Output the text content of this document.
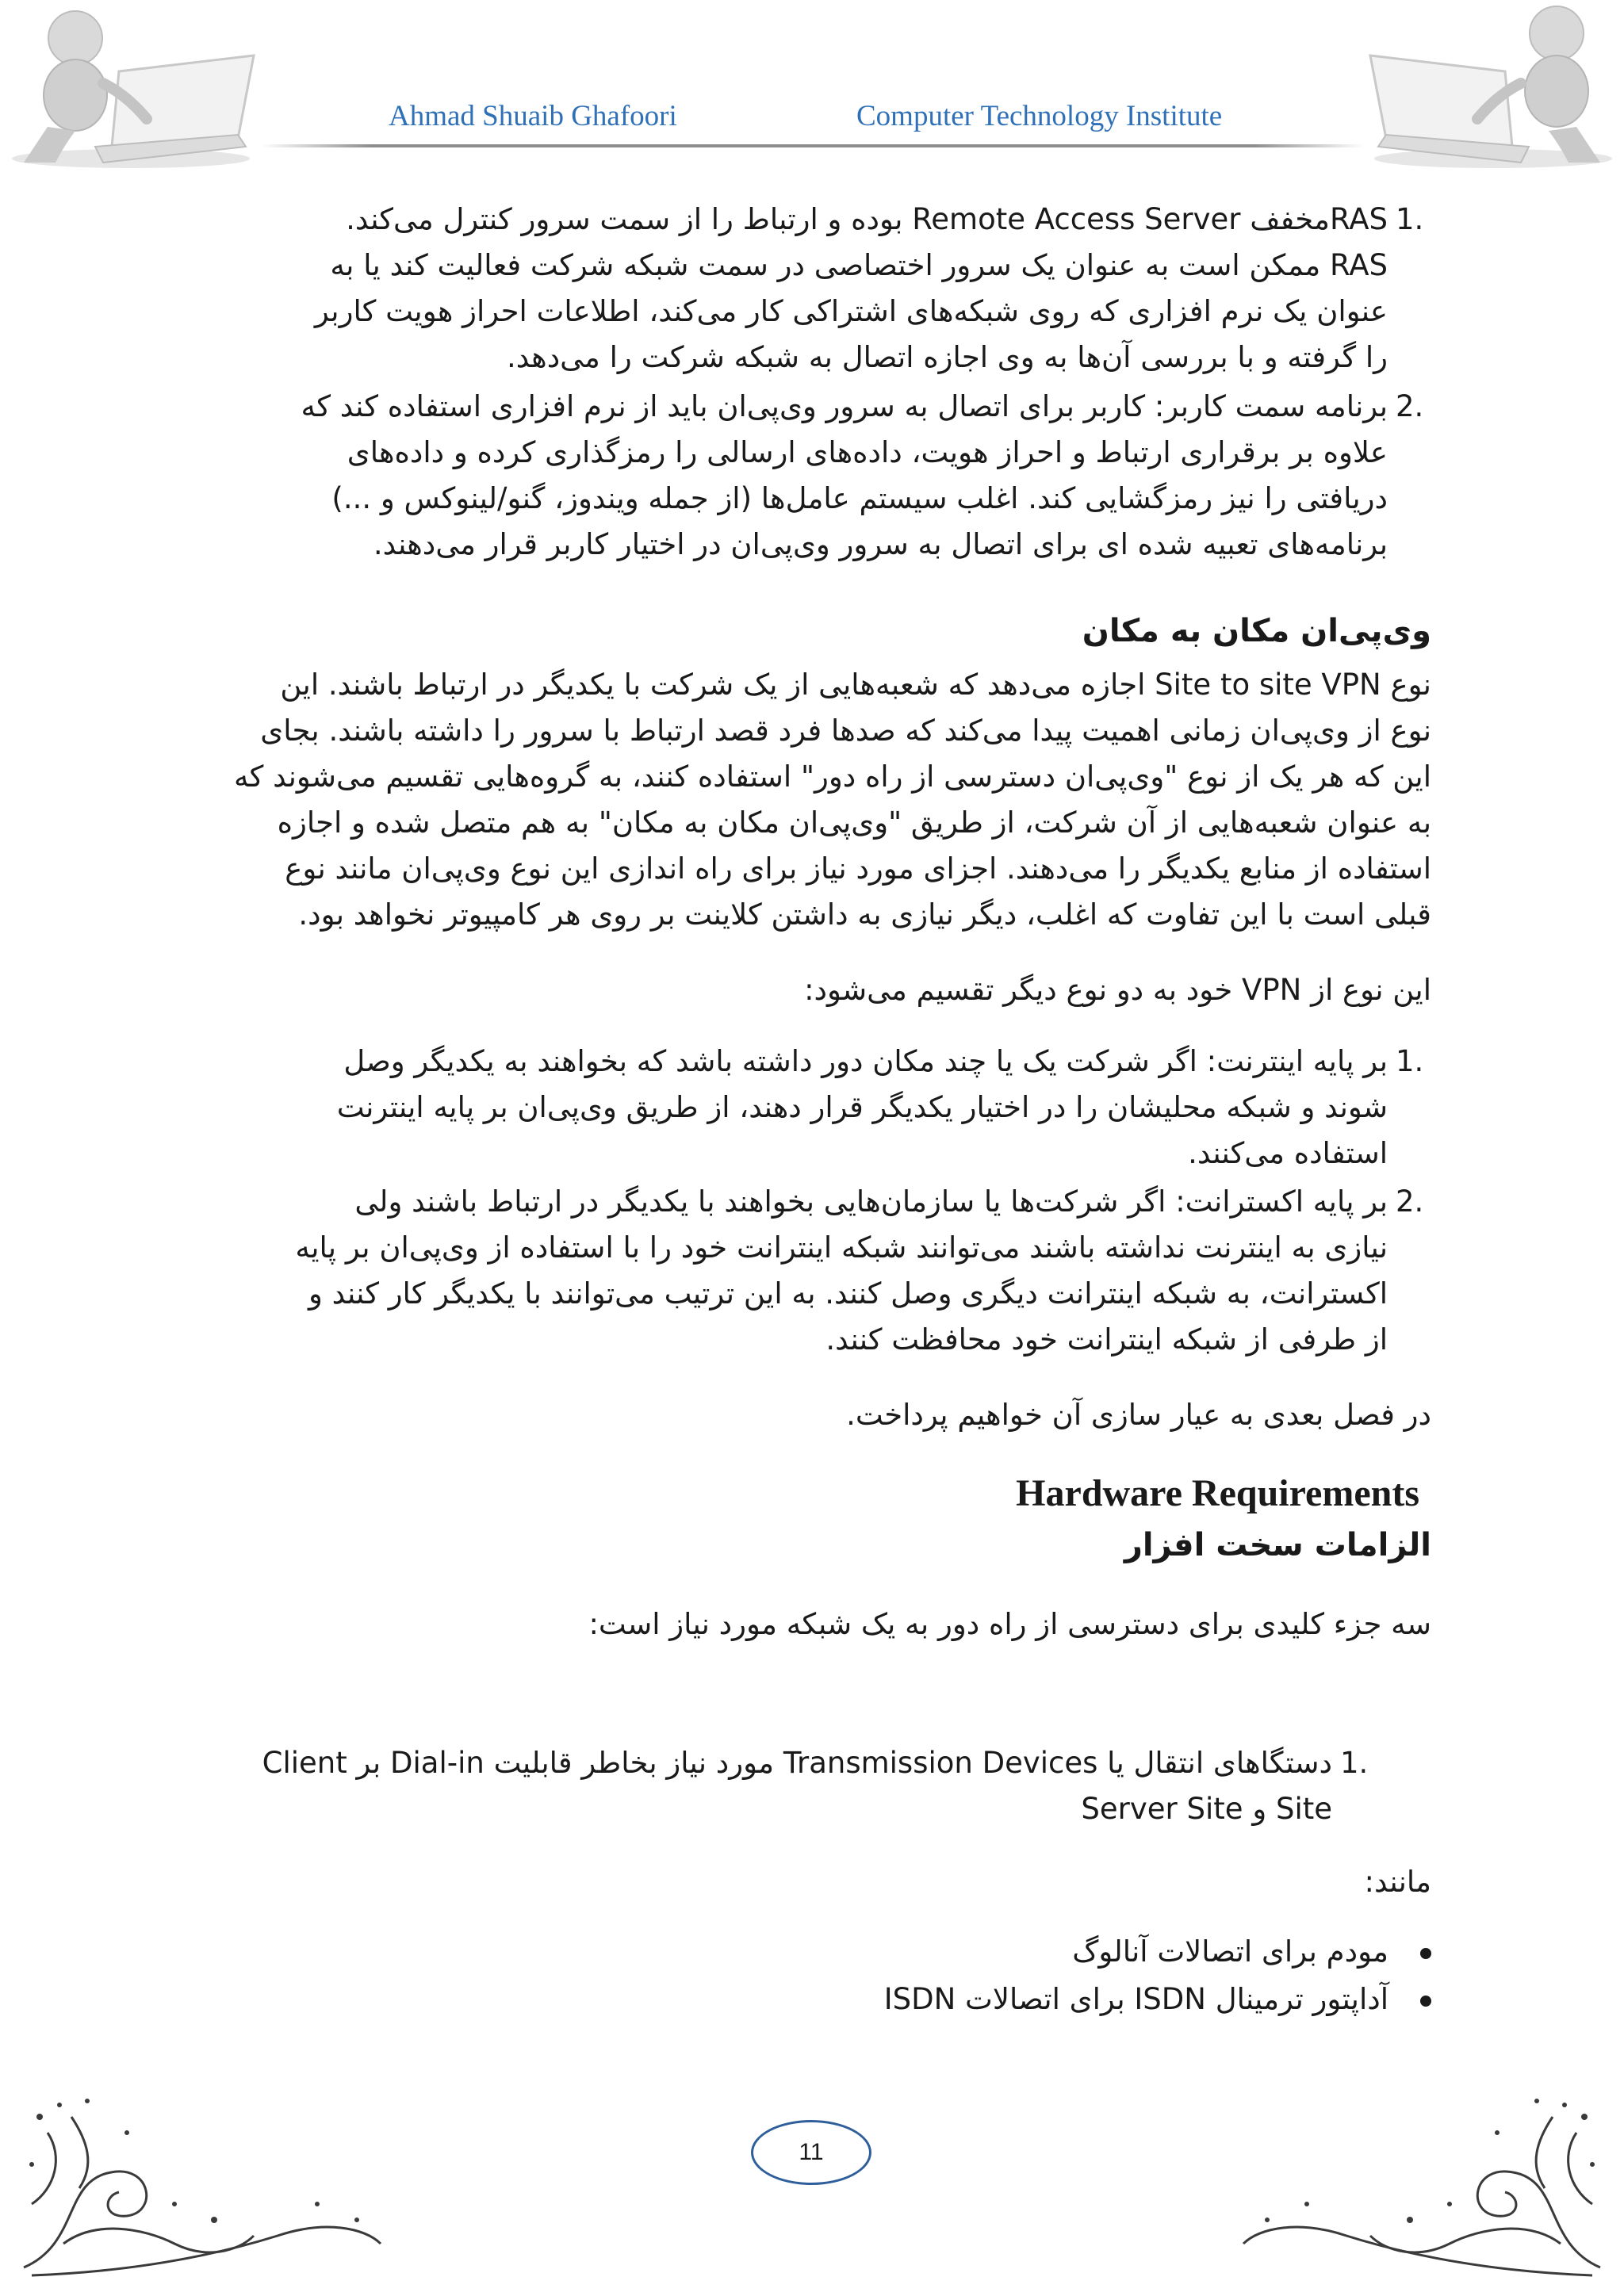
Ahmad Shuaib Ghafoori	Computer Technology Institute
1.
RASمخفف Remote Access Server بوده و ارتباط را از سمت سرور کنترل می‌کند.
RAS ممکن است به عنوان یک سرور اختصاصی در سمت شبکه شرکت فعالیت کند یا به
عنوان یک نرم افزاری که روی شبکه‌های اشتراکی کار می‌کند، اطلاعات احراز هویت کاربر
را گرفته و با بررسی آن‌ها به وی اجازه اتصال به شبکه شرکت را می‌دهد.
2.
برنامه سمت کاربر: کاربر برای اتصال به سرور وی‌پی‌ان باید از نرم افزاری استفاده کند که
علاوه بر برقراری ارتباط و احراز هویت، داده‌های ارسالی را رمزگذاری کرده و داده‌های
دریافتی را نیز رمزگشایی کند. اغلب سیستم عامل‌ها (از جمله ویندوز، گنو/لینوکس و ...)
برنامه‌های تعبیه شده ای برای اتصال به سرور وی‌پی‌ان در اختیار کاربر قرار می‌دهند.
وی‌پی‌ان مکان به مکان
نوع Site to site VPN اجازه می‌دهد که شعبه‌هایی از یک شرکت با یکدیگر در ارتباط باشند. این
نوع از وی‌پی‌ان زمانی اهمیت پیدا می‌کند که صدها فرد قصد ارتباط با سرور را داشته باشند. بجای
این که هر یک از نوع "وی‌پی‌ان دسترسی از راه دور" استفاده کنند، به گروه‌هایی تقسیم می‌شوند که
به عنوان شعبه‌هایی از آن شرکت، از طریق "وی‌پی‌ان مکان به مکان" به هم متصل شده و اجازه
استفاده از منابع یکدیگر را می‌دهند. اجزای مورد نیاز برای راه اندازی این نوع وی‌پی‌ان مانند نوع
قبلی است با این تفاوت که اغلب، دیگر نیازی به داشتن کلاینت بر روی هر کامپیوتر نخواهد بود.
این نوع از VPN خود به دو نوع دیگر تقسیم می‌شود:
1.
بر پایه اینترنت: اگر شرکت یک یا چند مکان دور داشته باشد که بخواهند به یکدیگر وصل
شوند و شبکه محلیشان را در اختیار یکدیگر قرار دهند، از طریق وی‌پی‌ان بر پایه اینترنت
استفاده می‌کنند.
2.
بر پایه اکسترانت: اگر شرکت‌ها یا سازمان‌هایی بخواهند با یکدیگر در ارتباط باشند ولی
نیازی به اینترنت نداشته باشند می‌توانند شبکه اینترانت خود را با استفاده از وی‌پی‌ان بر پایه
اکسترانت، به شبکه اینترانت دیگری وصل کنند. به این ترتیب می‌توانند با یکدیگر کار کنند و
از طرفی از شبکه اینترانت خود محافظت کنند.
در فصل بعدی به عیار سازی آن خواهیم پرداخت.
Hardware Requirements
الزامات سخت افزار
سه جزء کلیدی برای دسترسی از راه دور به یک شبکه مورد نیاز است:
1.
دستگاهای انتقال یا Transmission Devices مورد نیاز بخاطر قابلیت Dial-in بر Client
Site و Server Site
مانند:
مودم برای اتصالات آنالوگ
آداپتور ترمینال ISDN برای اتصالات ISDN
11
